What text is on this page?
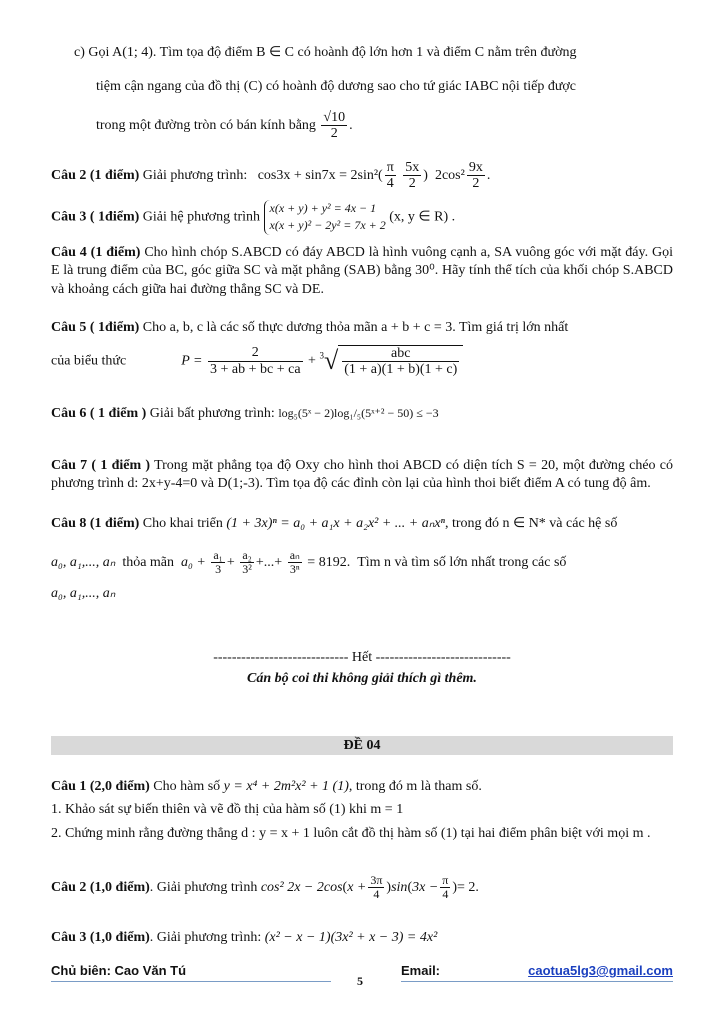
c) Gọi A(1; 4). Tìm tọa độ điểm B ∈ C có hoành độ lớn hơn 1 và điểm C nằm trên đường
tiệm cận ngang của đồ thị (C) có hoành độ dương sao cho tứ giác IABC nội tiếp được
trong một đường tròn có bán kính bằng $\frac{√10}{2}$ .
Câu 2 (1 điểm) Giải phương trình: $\cos 3x + \sin 7x = 2\sin^2( \frac{\pi}{4}$
$\frac{5x}{2}$ )  $2\cos^2 \frac{9x}{2}$ .
Câu 3 ( 1điểm) Giải hệ phương trình x(x + y) + y² = 4x − 1
x(x + y)² − 2y² = 7x + 2 (x, y ∈ R) .
Câu 4 (1 điểm) Cho hình chóp S.ABCD có đáy ABCD là hình vuông cạnh a, SA vuông góc với mặt đáy. Gọi E là trung điểm của BC, góc giữa SC và mặt phẳng (SAB) bằng 30⁰. Hãy tính thể tích của khối chóp S.ABCD và khoảng cách giữa hai đường thẳng SC và DE.
Câu 5 ( 1điểm) Cho a, b, c là các số thực dương thỏa mãn a + b + c = 3. Tìm giá trị lớn nhất
của biểu thức	$P = \frac{2}{3 + ab + bc + ca} + ^3√ \frac{\text{abc}}{(1 + a)(1 + b)(1 + c)}$
Câu 6 ( 1 điểm ) Giải bất phương trình: log₅(5ˣ − 2)log₁/₅(5ˣ⁺² − 50) ≤ −3
Câu 7 ( 1 điểm ) Trong mặt phẳng tọa độ Oxy cho hình thoi ABCD có diện tích S = 20, một đường chéo có phương trình d: 2x+y-4=0 và D(1;-3). Tìm tọa độ các đỉnh còn lại của hình thoi biết điểm A có tung độ âm.
Câu 8 (1 điểm) Cho khai triển (1 + 3x)ⁿ = a₀ + a₁x + a₂x² + ... + aₙxⁿ, trong đó n ∈ N* và các hệ số
a₀, a₁,..., aₙ thỏa mãn $a_0 + \frac{\text{a₁}}{3} + \frac{\text{a₂}}{\text{3²}}$ +...+ $\frac{\text{aₙ}}{\text{3ⁿ}} = 8192$. Tìm n và tìm số lớn nhất trong các số
a₀, a₁,..., aₙ
----------------------------- Hết -----------------------------
Cán bộ coi thi không giải thích gì thêm.
ĐỀ 04
Câu 1 (2,0 điểm) Cho hàm số y = x⁴ + 2m²x² + 1 (1), trong đó m là tham số.
1. Khảo sát sự biến thiên và vẽ đồ thị của hàm số (1) khi m = 1
2. Chứng minh rằng đường thẳng d : y = x + 1 luôn cắt đồ thị hàm số (1) tại hai điểm phân biệt với mọi m .
Câu 2 (1,0 điểm). Giải phương trình cos² $2x - 2\cos(x + \frac{3\pi}{4} )\sin(3x - \frac{\pi}{4}$ )= 2.
Câu 3 (1,0 điểm). Giải phương trình: (x² − x − 1)(3x² + x − 3) = 4x²
Chủ biên: Cao Văn Tú	Email:	caotua5lg3@gmail.com
5
